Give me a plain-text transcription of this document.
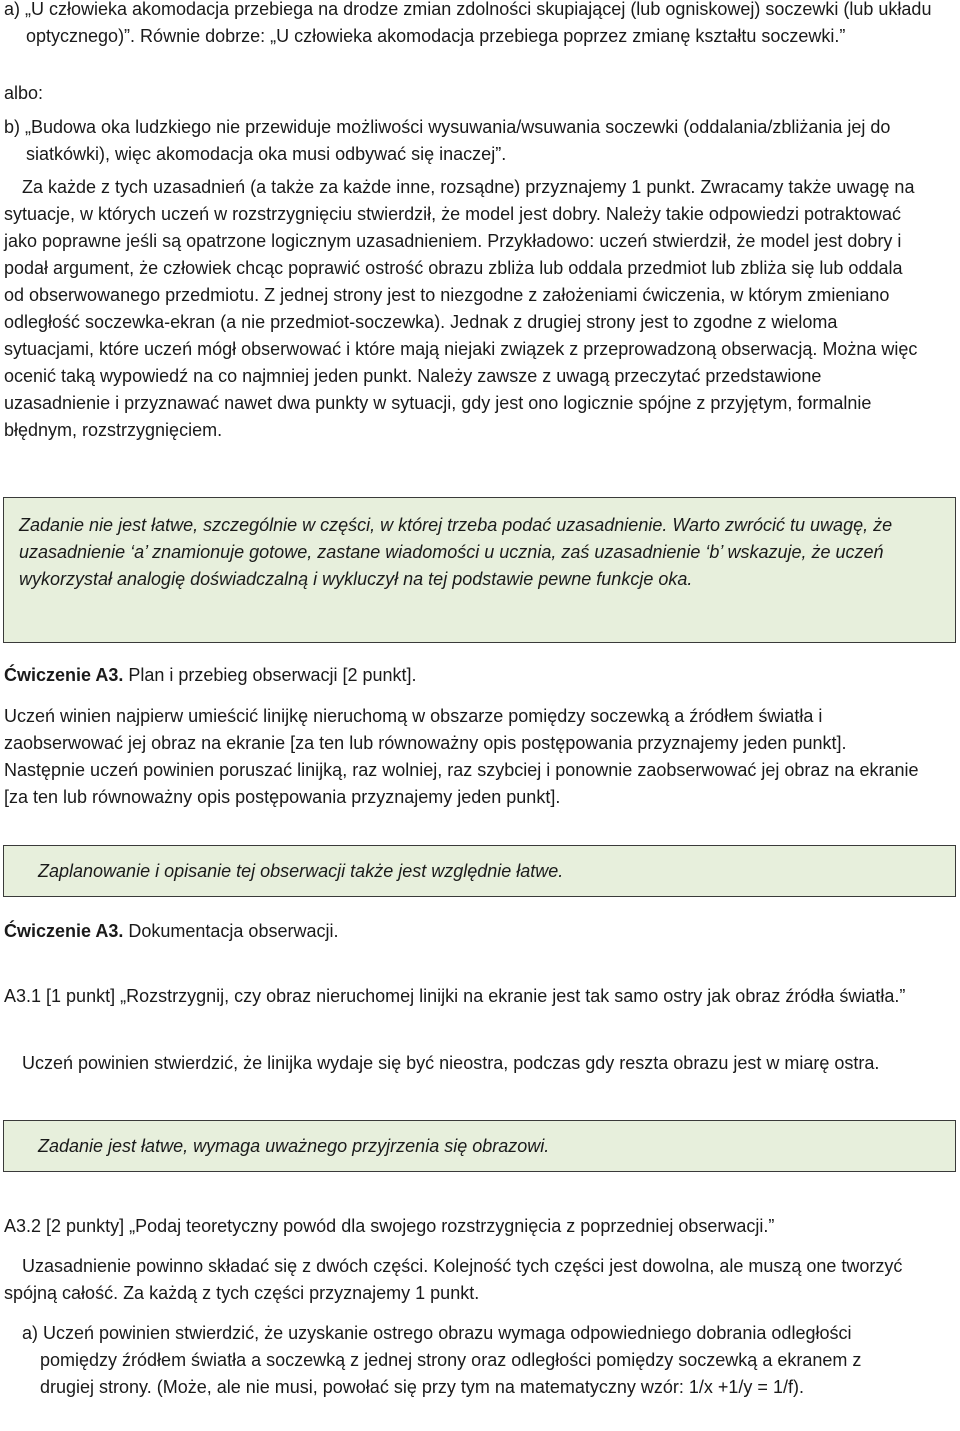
a) „U człowieka akomodacja przebiega na drodze zmian zdolności skupiającej (lub ogniskowej) soczewki (lub układu optycznego)”. Równie dobrze: „U człowieka akomodacja przebiega poprzez zmianę kształtu soczewki.”

albo:

b) „Budowa oka ludzkiego nie przewiduje możliwości wysuwania/wsuwania soczewki (oddalania/zbliżania jej do siatkówki), więc akomodacja oka musi odbywać się inaczej”.

Za każde z tych uzasadnień (a także za każde inne, rozsądne) przyznajemy 1 punkt. Zwracamy także uwagę na sytuacje, w których uczeń w rozstrzygnięciu stwierdził, że model jest dobry. Należy takie odpowiedzi potraktować jako poprawne jeśli są opatrzone logicznym uzasadnieniem. Przykładowo: uczeń stwierdził, że model jest dobry i podał argument, że człowiek chcąc poprawić ostrość obrazu zbliża lub oddala przedmiot lub zbliża się lub oddala od obserwowanego przedmiotu. Z jednej strony jest to niezgodne z założeniami ćwiczenia, w którym zmieniano odległość soczewka-ekran (a nie przedmiot-soczewka). Jednak z drugiej strony jest to zgodne z wieloma sytuacjami, które uczeń mógł obserwować i które mają niejaki związek z przeprowadzoną obserwacją. Można więc ocenić taką wypowiedź na co najmniej jeden punkt. Należy zawsze z uwagą przeczytać przedstawione uzasadnienie i przyznawać nawet dwa punkty w sytuacji, gdy jest ono logicznie spójne z przyjętym, formalnie błędnym, rozstrzygnięciem.

Zadanie nie jest łatwe, szczególnie w części, w której trzeba podać uzasadnienie. Warto zwrócić tu uwagę, że uzasadnienie ‘a’ znamionuje gotowe, zastane wiadomości u ucznia, zaś uzasadnienie ‘b’ wskazuje, że uczeń wykorzystał analogię doświadczalną i wykluczył na tej podstawie pewne funkcje oka.

Ćwiczenie A3. Plan i przebieg obserwacji [2 punkt].

Uczeń winien najpierw umieścić linijkę nieruchomą w obszarze pomiędzy soczewką a źródłem światła i zaobserwować jej obraz na ekranie [za ten lub równoważny opis postępowania przyznajemy jeden punkt]. Następnie uczeń powinien poruszać linijką, raz wolniej, raz szybciej i ponownie zaobserwować jej obraz na ekranie [za ten lub równoważny opis postępowania przyznajemy jeden punkt].

Zaplanowanie i opisanie tej obserwacji także jest względnie łatwe.

Ćwiczenie A3. Dokumentacja obserwacji.

A3.1 [1 punkt] „Rozstrzygnij, czy obraz nieruchomej linijki na ekranie jest tak samo ostry jak obraz źródła światła.”

Uczeń powinien stwierdzić, że linijka wydaje się być nieostra, podczas gdy reszta obrazu jest w miarę ostra.

Zadanie jest łatwe, wymaga uważnego przyjrzenia się obrazowi.

A3.2 [2 punkty] „Podaj teoretyczny powód dla swojego rozstrzygnięcia z poprzedniej obserwacji.”

Uzasadnienie powinno składać się z dwóch części. Kolejność tych części jest dowolna, ale muszą one tworzyć spójną całość. Za każdą z tych części przyznajemy 1 punkt.

a) Uczeń powinien stwierdzić, że uzyskanie ostrego obrazu wymaga odpowiedniego dobrania odległości pomiędzy źródłem światła a soczewką z jednej strony oraz odległości pomiędzy soczewką a ekranem z drugiej strony. (Może, ale nie musi, powołać się przy tym na matematyczny wzór: 1/x +1/y = 1/f).
